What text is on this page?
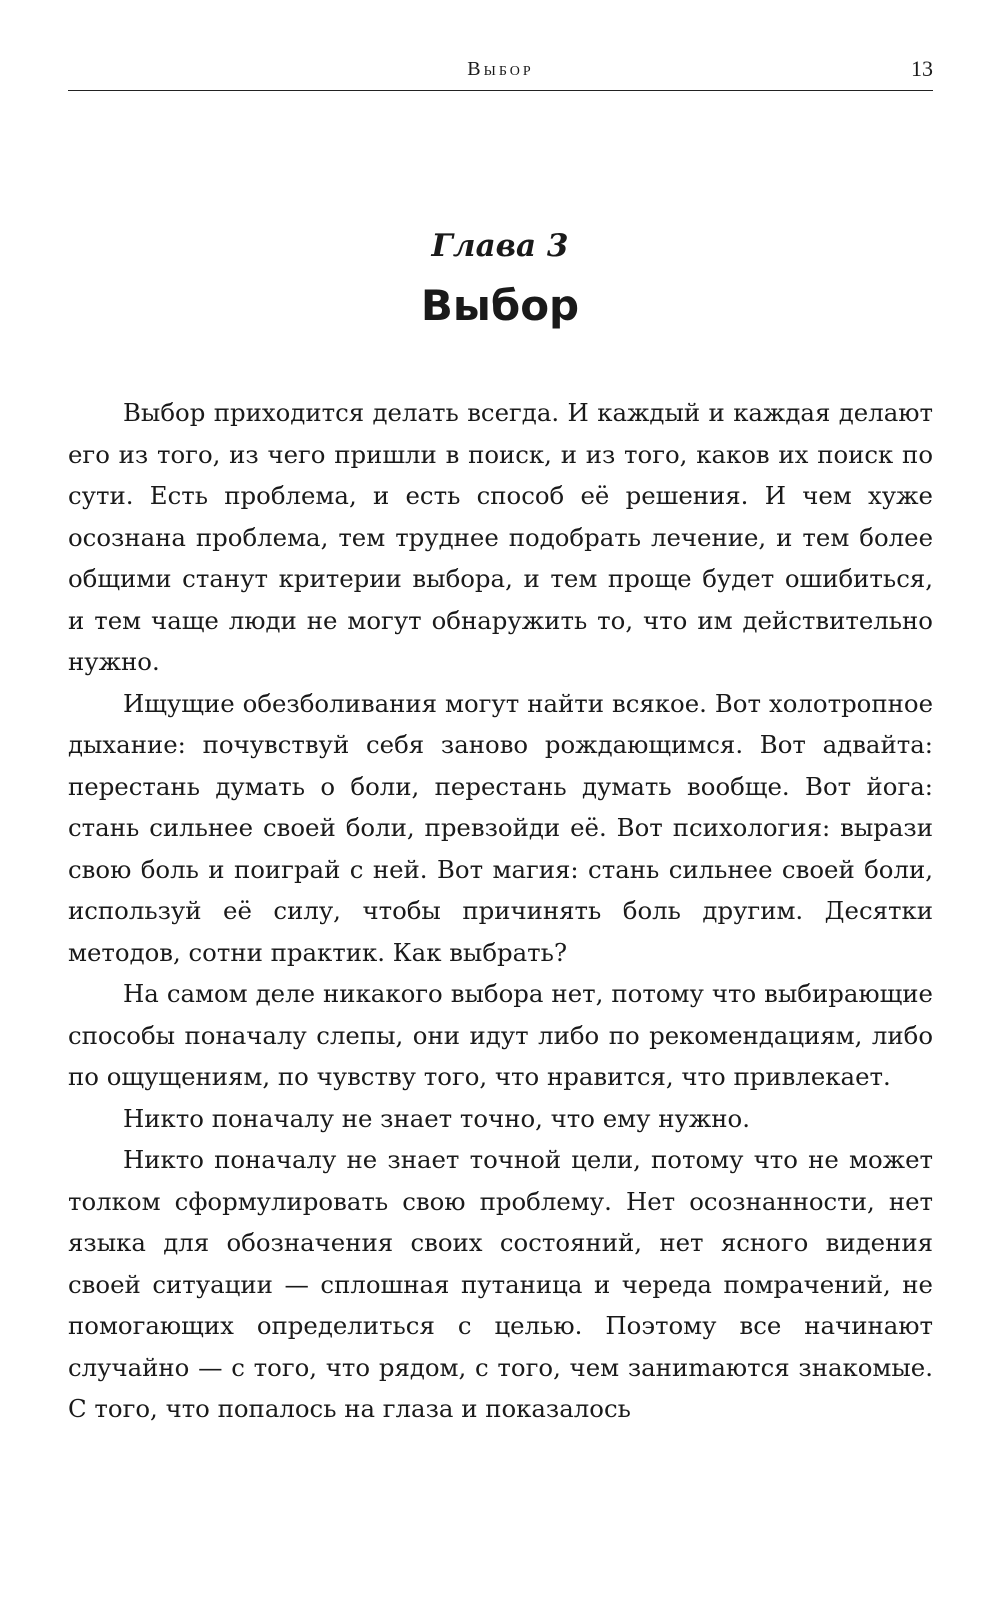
Выбор	13
Глава 3
Выбор

Выбор приходится делать всегда. И каждый и каждая делают его из того, из чего пришли в поиск, и из того, каков их поиск по сути. Есть проблема, и есть способ её решения. И чем хуже осознана проблема, тем труднее подобрать лечение, и тем более общими станут критерии выбора, и тем проще будет ошибиться, и тем чаще люди не могут обнаружить то, что им действительно нужно.

Ищущие обезболивания могут найти всякое. Вот холотропное дыхание: почувствуй себя заново рождающимся. Вот адвайта: перестань думать о боли, перестань думать вообще. Вот йога: стань сильнее своей боли, превзойди её. Вот психология: вырази свою боль и поиграй с ней. Вот магия: стань сильнее своей боли, используй её силу, чтобы причинять боль другим. Десятки методов, сотни практик. Как выбрать?

На самом деле никакого выбора нет, потому что выбирающие способы поначалу слепы, они идут либо по рекомендациям, либо по ощущениям, по чувству того, что нравится, что привлекает.

Никто поначалу не знает точно, что ему нужно.

Никто поначалу не знает точной цели, потому что не может толком сформулировать свою проблему. Нет осознанности, нет языка для обозначения своих состояний, нет ясного видения своей ситуации — сплошная путаница и череда помрачений, не помогающих определиться с целью. Поэтому все начинают случайно — с того, что рядом, с того, чем заниmаются знакомые. С того, что попалось на глаза и показалось
